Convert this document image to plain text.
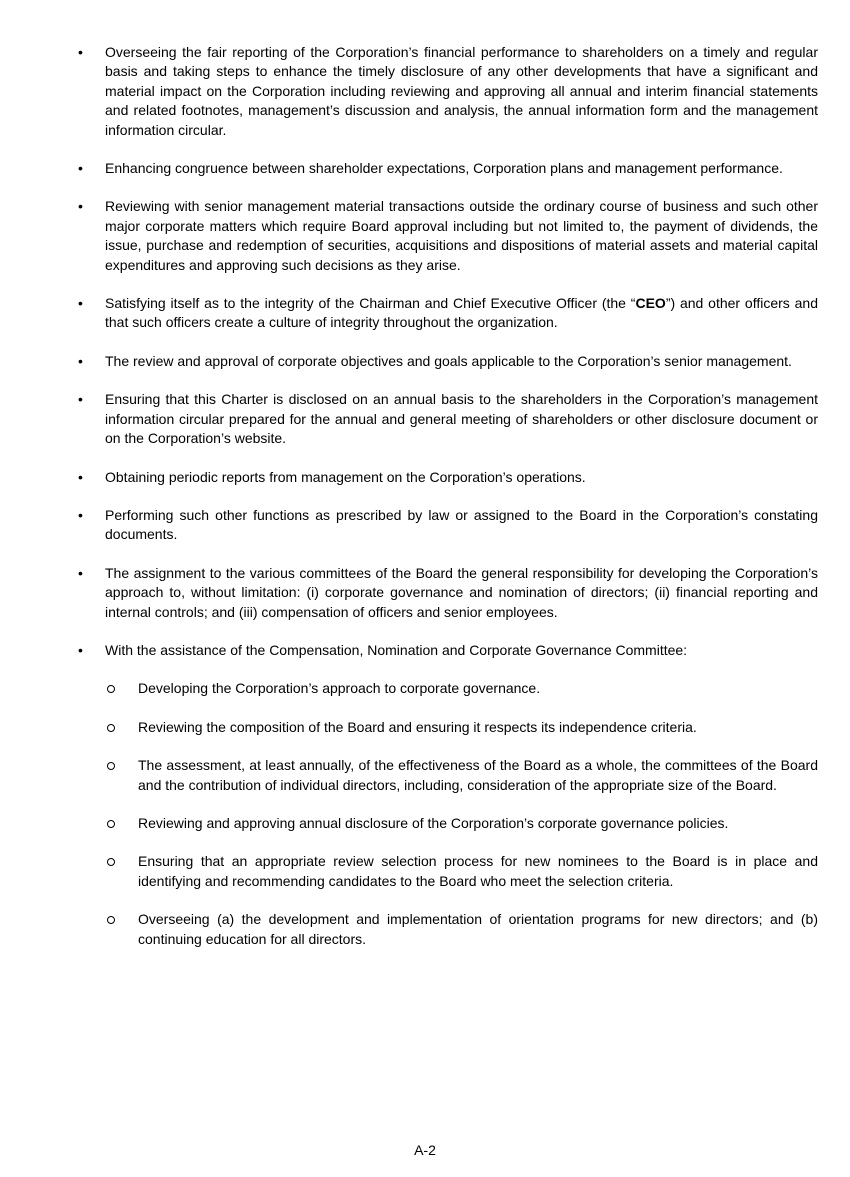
•	Overseeing the fair reporting of the Corporation’s financial performance to shareholders on a timely and regular basis and taking steps to enhance the timely disclosure of any other developments that have a significant and material impact on the Corporation including reviewing and approving all annual and interim financial statements and related footnotes, management’s discussion and analysis, the annual information form and the management information circular.
•	Enhancing congruence between shareholder expectations, Corporation plans and management performance.
•	Reviewing with senior management material transactions outside the ordinary course of business and such other major corporate matters which require Board approval including but not limited to, the payment of dividends, the issue, purchase and redemption of securities, acquisitions and dispositions of material assets and material capital expenditures and approving such decisions as they arise.
•	Satisfying itself as to the integrity of the Chairman and Chief Executive Officer (the “CEO”) and other officers and that such officers create a culture of integrity throughout the organization.
•	The review and approval of corporate objectives and goals applicable to the Corporation’s senior management.
•	Ensuring that this Charter is disclosed on an annual basis to the shareholders in the Corporation’s management information circular prepared for the annual and general meeting of shareholders or other disclosure document or on the Corporation’s website.
•	Obtaining periodic reports from management on the Corporation’s operations.
•	Performing such other functions as prescribed by law or assigned to the Board in the Corporation’s constating documents.
•	The assignment to the various committees of the Board the general responsibility for developing the Corporation’s approach to, without limitation: (i) corporate governance and nomination of directors; (ii) financial reporting and internal controls; and (iii) compensation of officers and senior employees.
•	With the assistance of the Compensation, Nomination and Corporate Governance Committee:
Developing the Corporation’s approach to corporate governance.
Reviewing the composition of the Board and ensuring it respects its independence criteria.
The assessment, at least annually, of the effectiveness of the Board as a whole, the committees of the Board and the contribution of individual directors, including, consideration of the appropriate size of the Board.
Reviewing and approving annual disclosure of the Corporation’s corporate governance policies.
Ensuring that an appropriate review selection process for new nominees to the Board is in place and identifying and recommending candidates to the Board who meet the selection criteria.
Overseeing (a) the development and implementation of orientation programs for new directors; and (b) continuing education for all directors.
A-2
